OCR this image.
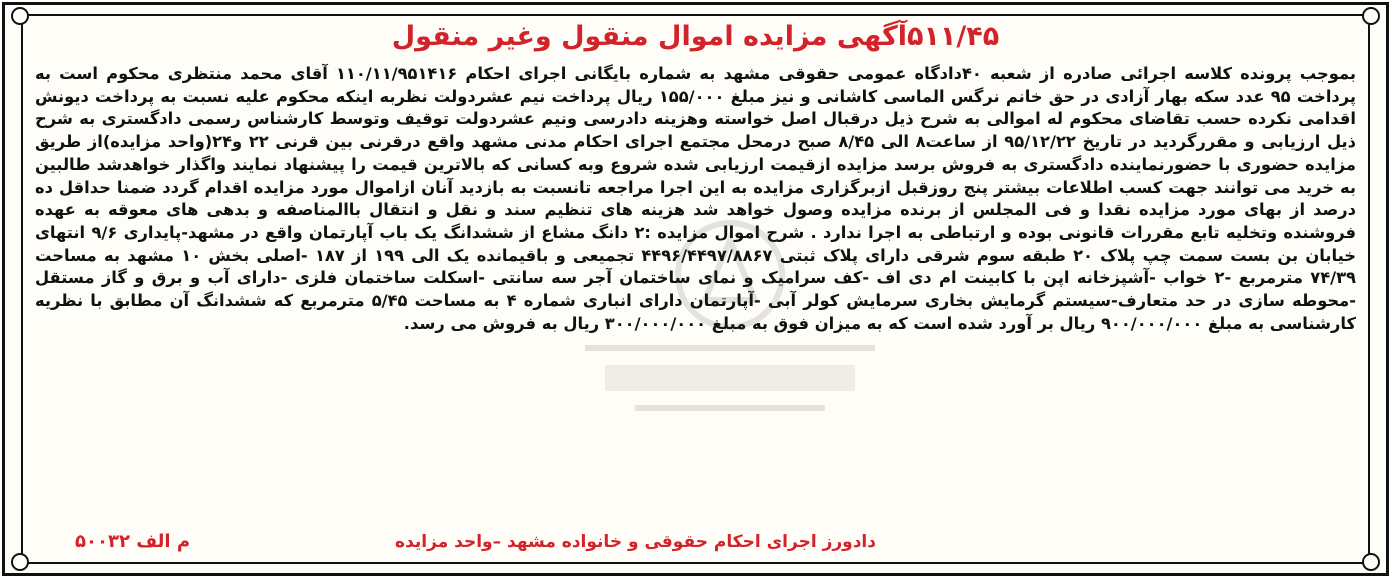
۵۱۱/۴۵آگهی مزایده اموال منقول وغیر منقول

بموجب پرونده کلاسه اجرائی صادره از شعبه ۴۰دادگاه عمومی حقوقی مشهد به شماره بایگانی اجرای احکام ۱۱۰/۱۱/۹۵۱۴۱۶ آقای محمد منتظری محکوم است به پرداخت ۹۵ عدد سکه بهار آزادی در حق خانم نرگس الماسی کاشانی و نیز مبلغ ۱۵۵/۰۰۰ ریال پرداخت نیم عشردولت نظربه اینکه محکوم علیه نسبت به پرداخت دیونش اقدامی نکرده حسب تقاضای محکوم له اموالی به شرح ذیل درقبال اصل خواسته وهزینه دادرسی ونیم عشردولت توقیف وتوسط کارشناس رسمی دادگستری به شرح ذیل ارزیابی و مقررگردید در تاریخ ۹۵/۱۲/۲۲ از ساعت۸ الی ۸/۴۵ صبح درمحل مجتمع اجرای احکام مدنی مشهد واقع درقرنی بین قرنی ۲۲ و۲۴(واحد مزایده)از طریق مزایده حضوری با حضورنماینده دادگستری به فروش برسد مزایده ازقیمت ارزیابی شده شروع وبه کسانی که بالاترین قیمت را پیشنهاد نمایند واگذار خواهدشد طالبین به خرید می توانند جهت کسب اطلاعات بیشتر پنج روزقبل ازبرگزاری مزایده به این اجرا مراجعه تانسبت به بازدید آنان ازاموال مورد مزایده اقدام گردد ضمنا حداقل ده درصد از بهای مورد مزایده نقدا و فی المجلس از برنده مزایده وصول خواهد شد هزینه های تنظیم سند و نقل و انتقال باالمناصفه و بدهی های معوقه به عهده فروشنده وتخلیه تابع مقررات قانونی بوده و ارتباطی به اجرا ندارد . شرح اموال مزایده :۲ دانگ مشاع از ششدانگ یک باب آپارتمان واقع در مشهد-پایداری ۹/۶ انتهای خیابان بن بست سمت چپ پلاک ۲۰ طبقه سوم شرقی دارای پلاک ثبتی ۴۴۹۶/۴۴۹۷/۸۸۶۷ تجمیعی و باقیمانده یک الی ۱۹۹ از ۱۸۷ -اصلی بخش ۱۰ مشهد به مساحت ۷۴/۳۹ مترمربع -۲ خواب -آشپزخانه اپن با کابینت ام دی اف -کف سرامیک و نمای ساختمان آجر سه سانتی -اسکلت ساختمان فلزی -دارای آب و برق و گاز مستقل -محوطه سازی در حد متعارف-سیستم گرمایش بخاری سرمایش کولر آبی -آپارتمان دارای انباری شماره ۴ به مساحت ۵/۴۵ مترمربع که ششدانگ آن مطابق با نظریه کارشناسی به مبلغ ۹۰۰/۰۰۰/۰۰۰ ریال بر آورد شده است که به میزان فوق به مبلغ ۳۰۰/۰۰۰/۰۰۰ ریال به فروش می رسد.

دادورز اجرای احکام حقوقی و خانواده مشهد –واحد مزایده
م الف ۵۰۰۳۲
